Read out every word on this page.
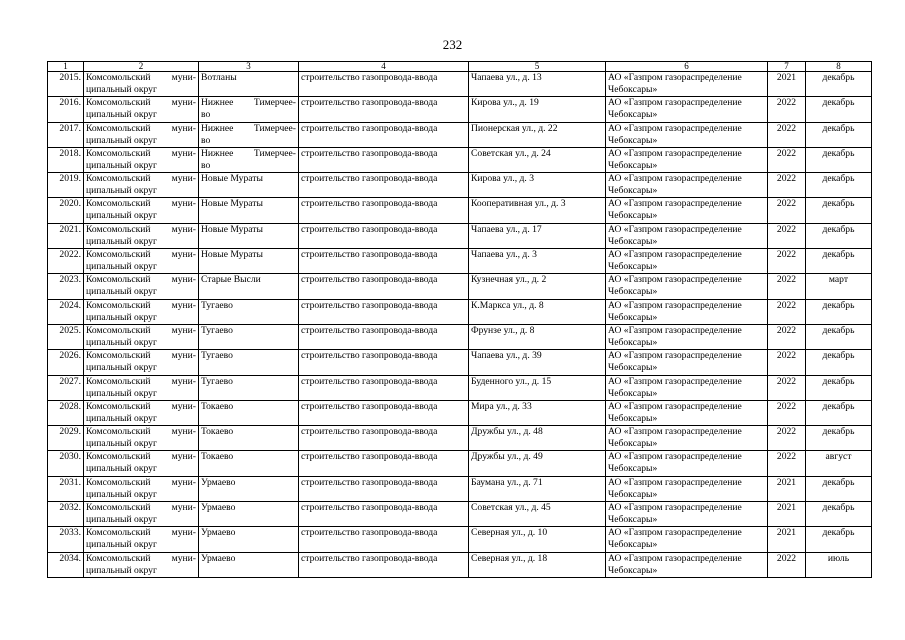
232
1	2	3	4	5	6	7	8

2015.	Комсомольский муни-
ципальный округ	Вотланы	строительство газопровода-ввода	Чапаева ул., д. 13	АО «Газпром газораспределение
Чебоксары»	2021	декабрь

2016.	Комсомольский муни-
ципальный округ	Нижнее Тимерчее-
во	строительство газопровода-ввода	Кирова ул., д. 19	АО «Газпром газораспределение
Чебоксары»	2022	декабрь

2017.	Комсомольский муни-
ципальный округ	Нижнее Тимерчее-
во	строительство газопровода-ввода	Пионерская ул., д. 22	АО «Газпром газораспределение
Чебоксары»	2022	декабрь

2018.	Комсомольский муни-
ципальный округ	Нижнее Тимерчее-
во	строительство газопровода-ввода	Советская ул., д. 24	АО «Газпром газораспределение
Чебоксары»	2022	декабрь

2019.	Комсомольский муни-
ципальный округ	Новые Мураты	строительство газопровода-ввода	Кирова ул., д. 3	АО «Газпром газораспределение
Чебоксары»	2022	декабрь

2020.	Комсомольский муни-
ципальный округ	Новые Мураты	строительство газопровода-ввода	Кооперативная ул., д. 3	АО «Газпром газораспределение
Чебоксары»	2022	декабрь

2021.	Комсомольский муни-
ципальный округ	Новые Мураты	строительство газопровода-ввода	Чапаева ул., д. 17	АО «Газпром газораспределение
Чебоксары»	2022	декабрь

2022.	Комсомольский муни-
ципальный округ	Новые Мураты	строительство газопровода-ввода	Чапаева ул., д. 3	АО «Газпром газораспределение
Чебоксары»	2022	декабрь

2023.	Комсомольский муни-
ципальный округ	Старые Высли	строительство газопровода-ввода	Кузнечная ул., д. 2	АО «Газпром газораспределение
Чебоксары»	2022	март

2024.	Комсомольский муни-
ципальный округ	Тугаево	строительство газопровода-ввода	К.Маркса ул., д. 8	АО «Газпром газораспределение
Чебоксары»	2022	декабрь

2025.	Комсомольский муни-
ципальный округ	Тугаево	строительство газопровода-ввода	Фрунзе ул., д. 8	АО «Газпром газораспределение
Чебоксары»	2022	декабрь

2026.	Комсомольский муни-
ципальный округ	Тугаево	строительство газопровода-ввода	Чапаева ул., д. 39	АО «Газпром газораспределение
Чебоксары»	2022	декабрь

2027.	Комсомольский муни-
ципальный округ	Тугаево	строительство газопровода-ввода	Буденного ул., д. 15	АО «Газпром газораспределение
Чебоксары»	2022	декабрь

2028.	Комсомольский муни-
ципальный округ	Токаево	строительство газопровода-ввода	Мира ул., д. 33	АО «Газпром газораспределение
Чебоксары»	2022	декабрь

2029.	Комсомольский муни-
ципальный округ	Токаево	строительство газопровода-ввода	Дружбы ул., д. 48	АО «Газпром газораспределение
Чебоксары»	2022	декабрь

2030.	Комсомольский муни-
ципальный округ	Токаево	строительство газопровода-ввода	Дружбы ул., д. 49	АО «Газпром газораспределение
Чебоксары»	2022	август

2031.	Комсомольский муни-
ципальный округ	Урмаево	строительство газопровода-ввода	Баумана ул., д. 71	АО «Газпром газораспределение
Чебоксары»	2021	декабрь

2032.	Комсомольский муни-
ципальный округ	Урмаево	строительство газопровода-ввода	Советская ул., д. 45	АО «Газпром газораспределение
Чебоксары»	2021	декабрь

2033.	Комсомольский муни-
ципальный округ	Урмаево	строительство газопровода-ввода	Северная ул., д. 10	АО «Газпром газораспределение
Чебоксары»	2021	декабрь

2034.	Комсомольский муни-
ципальный округ	Урмаево	строительство газопровода-ввода	Северная ул., д. 18	АО «Газпром газораспределение
Чебоксары»	2022	июль
